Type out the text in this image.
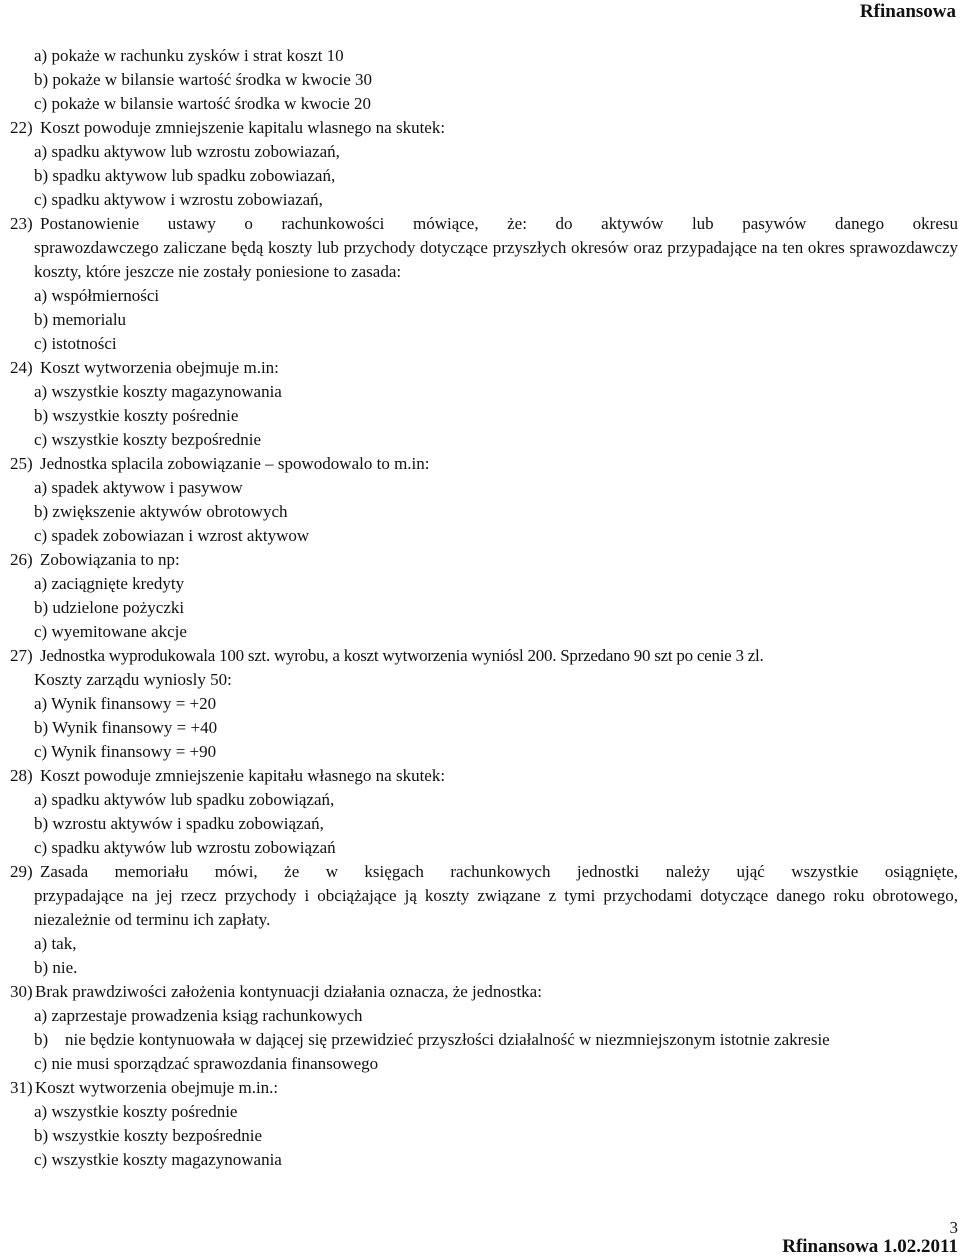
Rfinansowa
a) pokaże w rachunku zysków i strat koszt 10
b) pokaże w bilansie wartość środka w kwocie 30
c) pokaże w bilansie wartość środka w kwocie 20
22) Koszt powoduje zmniejszenie kapitalu wlasnego na skutek:
a) spadku aktywow lub wzrostu zobowiazań,
b) spadku aktywow lub spadku zobowiazań,
c) spadku aktywow i wzrostu zobowiazań,
23) Postanowienie ustawy o rachunkowości mówiące, że: do aktywów lub pasywów danego okresu
sprawozdawczego zaliczane będą koszty lub przychody dotyczące przyszłych okresów oraz przypadające na ten okres sprawozdawczy koszty, które jeszcze nie zostały poniesione to zasada:
a) współmierności
b) memorialu
c) istotności
24) Koszt wytworzenia obejmuje m.in:
a) wszystkie koszty magazynowania
b) wszystkie koszty pośrednie
c) wszystkie koszty bezpośrednie
25) Jednostka splacila zobowiązanie – spowodowalo to m.in:
a) spadek aktywow i pasywow
b) zwiększenie aktywów obrotowych
c) spadek zobowiazan i wzrost aktywow
26) Zobowiązania to np:
a) zaciągnięte kredyty
b) udzielone pożyczki
c) wyemitowane akcje
27) Jednostka wyprodukowala 100 szt. wyrobu, a koszt wytworzenia wyniósl 200. Sprzedano 90 szt po cenie 3 zl.
Koszty zarządu wyniosly 50:
a) Wynik finansowy = +20
b) Wynik finansowy = +40
c) Wynik finansowy = +90
28) Koszt powoduje zmniejszenie kapitału własnego na skutek:
a) spadku aktywów lub spadku zobowiązań,
b) wzrostu aktywów i spadku zobowiązań,
c) spadku aktywów lub wzrostu zobowiązań
29) Zasada memoriału mówi, że w księgach rachunkowych jednostki należy ująć wszystkie osiągnięte,
przypadające na jej rzecz przychody i obciążające ją koszty związane z tymi przychodami dotyczące danego roku obrotowego, niezależnie od terminu ich zapłaty.
a) tak,
b) nie.
30) Brak prawdziwości założenia kontynuacji działania oznacza, że jednostka:
a) zaprzestaje prowadzenia ksiąg rachunkowych
b) nie będzie kontynuowała w dającej się przewidzieć przyszłości działalność w niezmniejszonym istotnie zakresie
c) nie musi sporządzać sprawozdania finansowego
31) Koszt wytworzenia obejmuje m.in.:
a) wszystkie koszty pośrednie
b) wszystkie koszty bezpośrednie
c) wszystkie koszty magazynowania
3
Rfinansowa 1.02.2011
